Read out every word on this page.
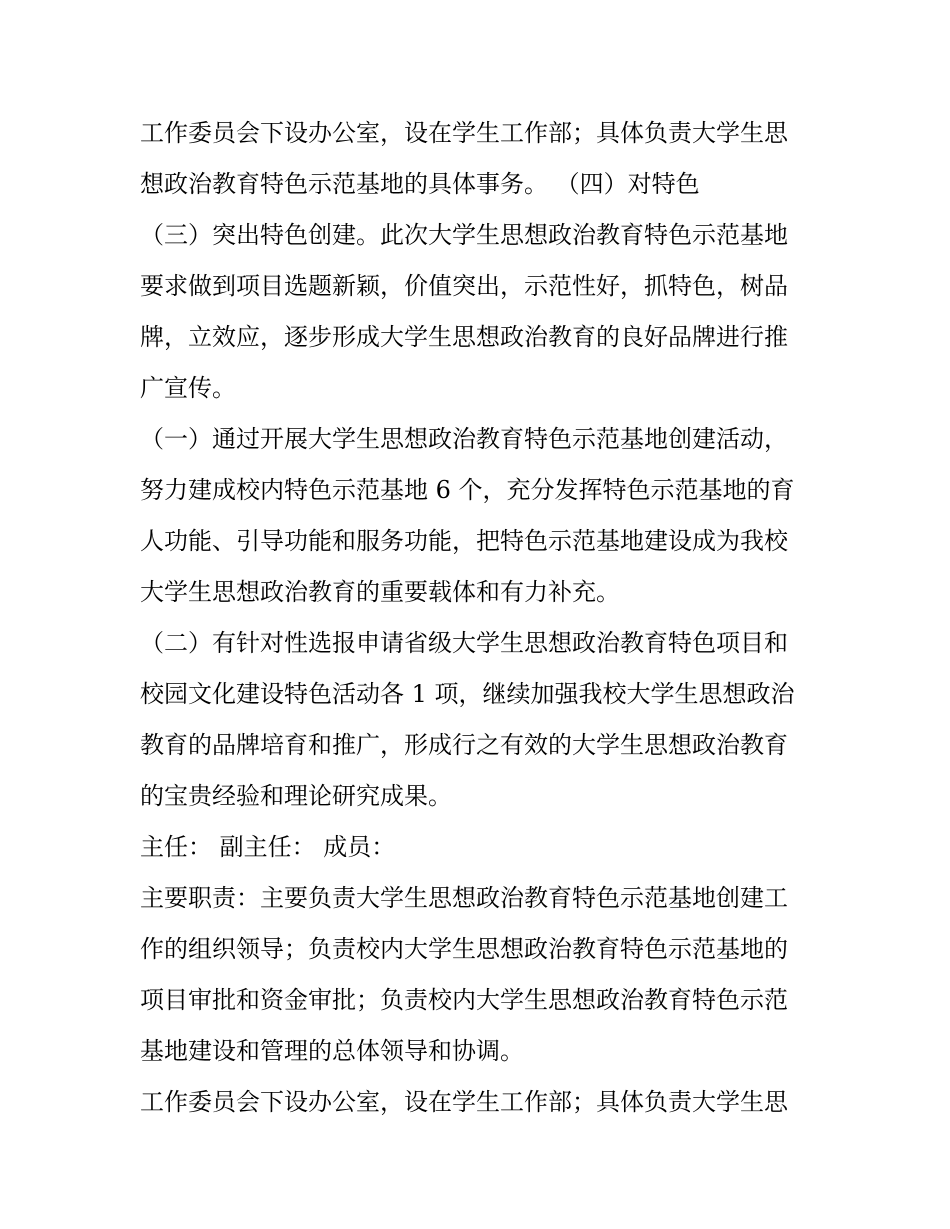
工作委员会下设办公室，设在学生工作部；具体负责大学生思

想政治教育特色示范基地的具体事务。 （四）对特色

（三）突出特色创建。此次大学生思想政治教育特色示范基地

要求做到项目选题新颖，价值突出，示范性好，抓特色，树品

牌，立效应，逐步形成大学生思想政治教育的良好品牌进行推

广宣传。

（一）通过开展大学生思想政治教育特色示范基地创建活动，

努力建成校内特色示范基地 6 个，充分发挥特色示范基地的育

人功能、引导功能和服务功能，把特色示范基地建设成为我校

大学生思想政治教育的重要载体和有力补充。

（二）有针对性选报申请省级大学生思想政治教育特色项目和

校园文化建设特色活动各 1 项，继续加强我校大学生思想政治

教育的品牌培育和推广，形成行之有效的大学生思想政治教育

的宝贵经验和理论研究成果。

主任： 副主任： 成员：

主要职责：主要负责大学生思想政治教育特色示范基地创建工

作的组织领导；负责校内大学生思想政治教育特色示范基地的

项目审批和资金审批；负责校内大学生思想政治教育特色示范

基地建设和管理的总体领导和协调。

工作委员会下设办公室，设在学生工作部；具体负责大学生思
